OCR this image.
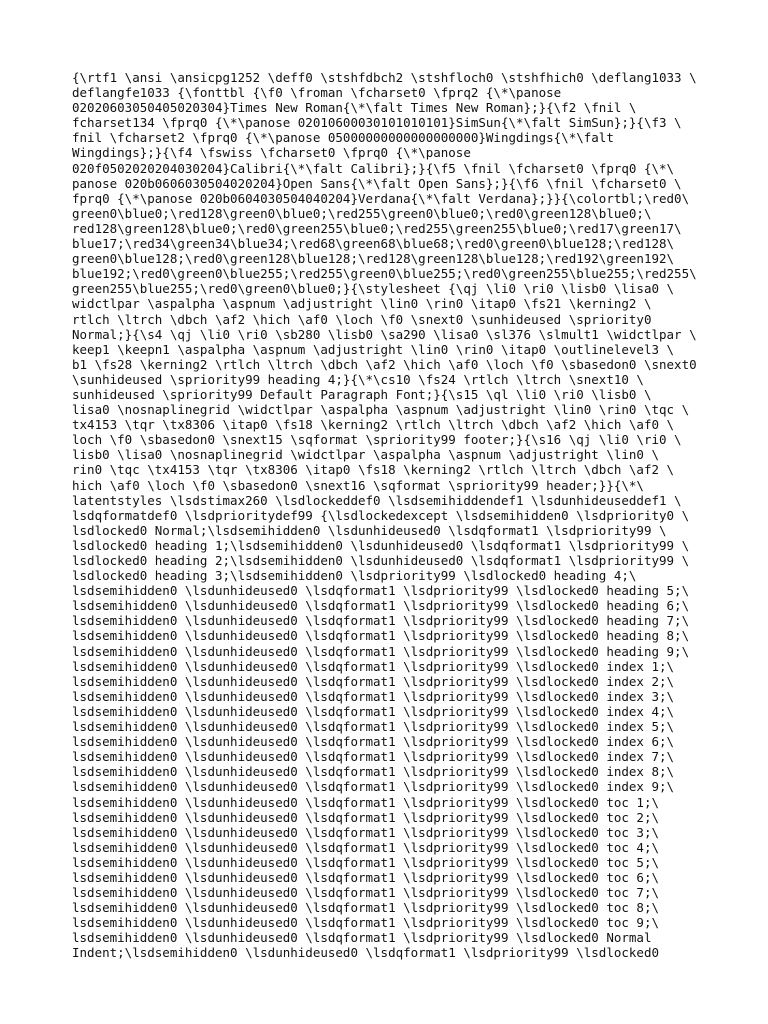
{\rtf1 \ansi \ansicpg1252 \deff0 \stshfdbch2 \stshfloch0 \stshfhich0 \deflang1033 \
deflangfe1033 {\fonttbl {\f0 \froman \fcharset0 \fprq2 {\*\panose
02020603050405020304}Times New Roman{\*\falt Times New Roman};}{\f2 \fnil \
fcharset134 \fprq0 {\*\panose 02010600030101010101}SimSun{\*\falt SimSun};}{\f3 \
fnil \fcharset2 \fprq0 {\*\panose 05000000000000000000}Wingdings{\*\falt
Wingdings};}{\f4 \fswiss \fcharset0 \fprq0 {\*\panose
020f0502020204030204}Calibri{\*\falt Calibri};}{\f5 \fnil \fcharset0 \fprq0 {\*\
panose 020b0606030504020204}Open Sans{\*\falt Open Sans};}{\f6 \fnil \fcharset0 \
fprq0 {\*\panose 020b0604030504040204}Verdana{\*\falt Verdana};}}{\colortbl;\red0\
green0\blue0;\red128\green0\blue0;\red255\green0\blue0;\red0\green128\blue0;\
red128\green128\blue0;\red0\green255\blue0;\red255\green255\blue0;\red17\green17\
blue17;\red34\green34\blue34;\red68\green68\blue68;\red0\green0\blue128;\red128\
green0\blue128;\red0\green128\blue128;\red128\green128\blue128;\red192\green192\
blue192;\red0\green0\blue255;\red255\green0\blue255;\red0\green255\blue255;\red255\
green255\blue255;\red0\green0\blue0;}{\stylesheet {\qj \li0 \ri0 \lisb0 \lisa0 \
widctlpar \aspalpha \aspnum \adjustright \lin0 \rin0 \itap0 \fs21 \kerning2 \
rtlch \ltrch \dbch \af2 \hich \af0 \loch \f0 \snext0 \sunhideused \spriority0
Normal;}{\s4 \qj \li0 \ri0 \sb280 \lisb0 \sa290 \lisa0 \sl376 \slmult1 \widctlpar \
keep1 \keepn1 \aspalpha \aspnum \adjustright \lin0 \rin0 \itap0 \outlinelevel3 \
b1 \fs28 \kerning2 \rtlch \ltrch \dbch \af2 \hich \af0 \loch \f0 \sbasedon0 \snext0
\sunhideused \spriority99 heading 4;}{\*\cs10 \fs24 \rtlch \ltrch \snext10 \
sunhideused \spriority99 Default Paragraph Font;}{\s15 \ql \li0 \ri0 \lisb0 \
lisa0 \nosnaplinegrid \widctlpar \aspalpha \aspnum \adjustright \lin0 \rin0 \tqc \
tx4153 \tqr \tx8306 \itap0 \fs18 \kerning2 \rtlch \ltrch \dbch \af2 \hich \af0 \
loch \f0 \sbasedon0 \snext15 \sqformat \spriority99 footer;}{\s16 \qj \li0 \ri0 \
lisb0 \lisa0 \nosnaplinegrid \widctlpar \aspalpha \aspnum \adjustright \lin0 \
rin0 \tqc \tx4153 \tqr \tx8306 \itap0 \fs18 \kerning2 \rtlch \ltrch \dbch \af2 \
hich \af0 \loch \f0 \sbasedon0 \snext16 \sqformat \spriority99 header;}}{\*\
latentstyles \lsdstimax260 \lsdlockeddef0 \lsdsemihiddendef1 \lsdunhideuseddef1 \
lsdqformatdef0 \lsdprioritydef99 {\lsdlockedexcept \lsdsemihidden0 \lsdpriority0 \
lsdlocked0 Normal;\lsdsemihidden0 \lsdunhideused0 \lsdqformat1 \lsdpriority99 \
lsdlocked0 heading 1;\lsdsemihidden0 \lsdunhideused0 \lsdqformat1 \lsdpriority99 \
lsdlocked0 heading 2;\lsdsemihidden0 \lsdunhideused0 \lsdqformat1 \lsdpriority99 \
lsdlocked0 heading 3;\lsdsemihidden0 \lsdpriority99 \lsdlocked0 heading 4;\
lsdsemihidden0 \lsdunhideused0 \lsdqformat1 \lsdpriority99 \lsdlocked0 heading 5;\
lsdsemihidden0 \lsdunhideused0 \lsdqformat1 \lsdpriority99 \lsdlocked0 heading 6;\
lsdsemihidden0 \lsdunhideused0 \lsdqformat1 \lsdpriority99 \lsdlocked0 heading 7;\
lsdsemihidden0 \lsdunhideused0 \lsdqformat1 \lsdpriority99 \lsdlocked0 heading 8;\
lsdsemihidden0 \lsdunhideused0 \lsdqformat1 \lsdpriority99 \lsdlocked0 heading 9;\
lsdsemihidden0 \lsdunhideused0 \lsdqformat1 \lsdpriority99 \lsdlocked0 index 1;\
lsdsemihidden0 \lsdunhideused0 \lsdqformat1 \lsdpriority99 \lsdlocked0 index 2;\
lsdsemihidden0 \lsdunhideused0 \lsdqformat1 \lsdpriority99 \lsdlocked0 index 3;\
lsdsemihidden0 \lsdunhideused0 \lsdqformat1 \lsdpriority99 \lsdlocked0 index 4;\
lsdsemihidden0 \lsdunhideused0 \lsdqformat1 \lsdpriority99 \lsdlocked0 index 5;\
lsdsemihidden0 \lsdunhideused0 \lsdqformat1 \lsdpriority99 \lsdlocked0 index 6;\
lsdsemihidden0 \lsdunhideused0 \lsdqformat1 \lsdpriority99 \lsdlocked0 index 7;\
lsdsemihidden0 \lsdunhideused0 \lsdqformat1 \lsdpriority99 \lsdlocked0 index 8;\
lsdsemihidden0 \lsdunhideused0 \lsdqformat1 \lsdpriority99 \lsdlocked0 index 9;\
lsdsemihidden0 \lsdunhideused0 \lsdqformat1 \lsdpriority99 \lsdlocked0 toc 1;\
lsdsemihidden0 \lsdunhideused0 \lsdqformat1 \lsdpriority99 \lsdlocked0 toc 2;\
lsdsemihidden0 \lsdunhideused0 \lsdqformat1 \lsdpriority99 \lsdlocked0 toc 3;\
lsdsemihidden0 \lsdunhideused0 \lsdqformat1 \lsdpriority99 \lsdlocked0 toc 4;\
lsdsemihidden0 \lsdunhideused0 \lsdqformat1 \lsdpriority99 \lsdlocked0 toc 5;\
lsdsemihidden0 \lsdunhideused0 \lsdqformat1 \lsdpriority99 \lsdlocked0 toc 6;\
lsdsemihidden0 \lsdunhideused0 \lsdqformat1 \lsdpriority99 \lsdlocked0 toc 7;\
lsdsemihidden0 \lsdunhideused0 \lsdqformat1 \lsdpriority99 \lsdlocked0 toc 8;\
lsdsemihidden0 \lsdunhideused0 \lsdqformat1 \lsdpriority99 \lsdlocked0 toc 9;\
lsdsemihidden0 \lsdunhideused0 \lsdqformat1 \lsdpriority99 \lsdlocked0 Normal
Indent;\lsdsemihidden0 \lsdunhideused0 \lsdqformat1 \lsdpriority99 \lsdlocked0
